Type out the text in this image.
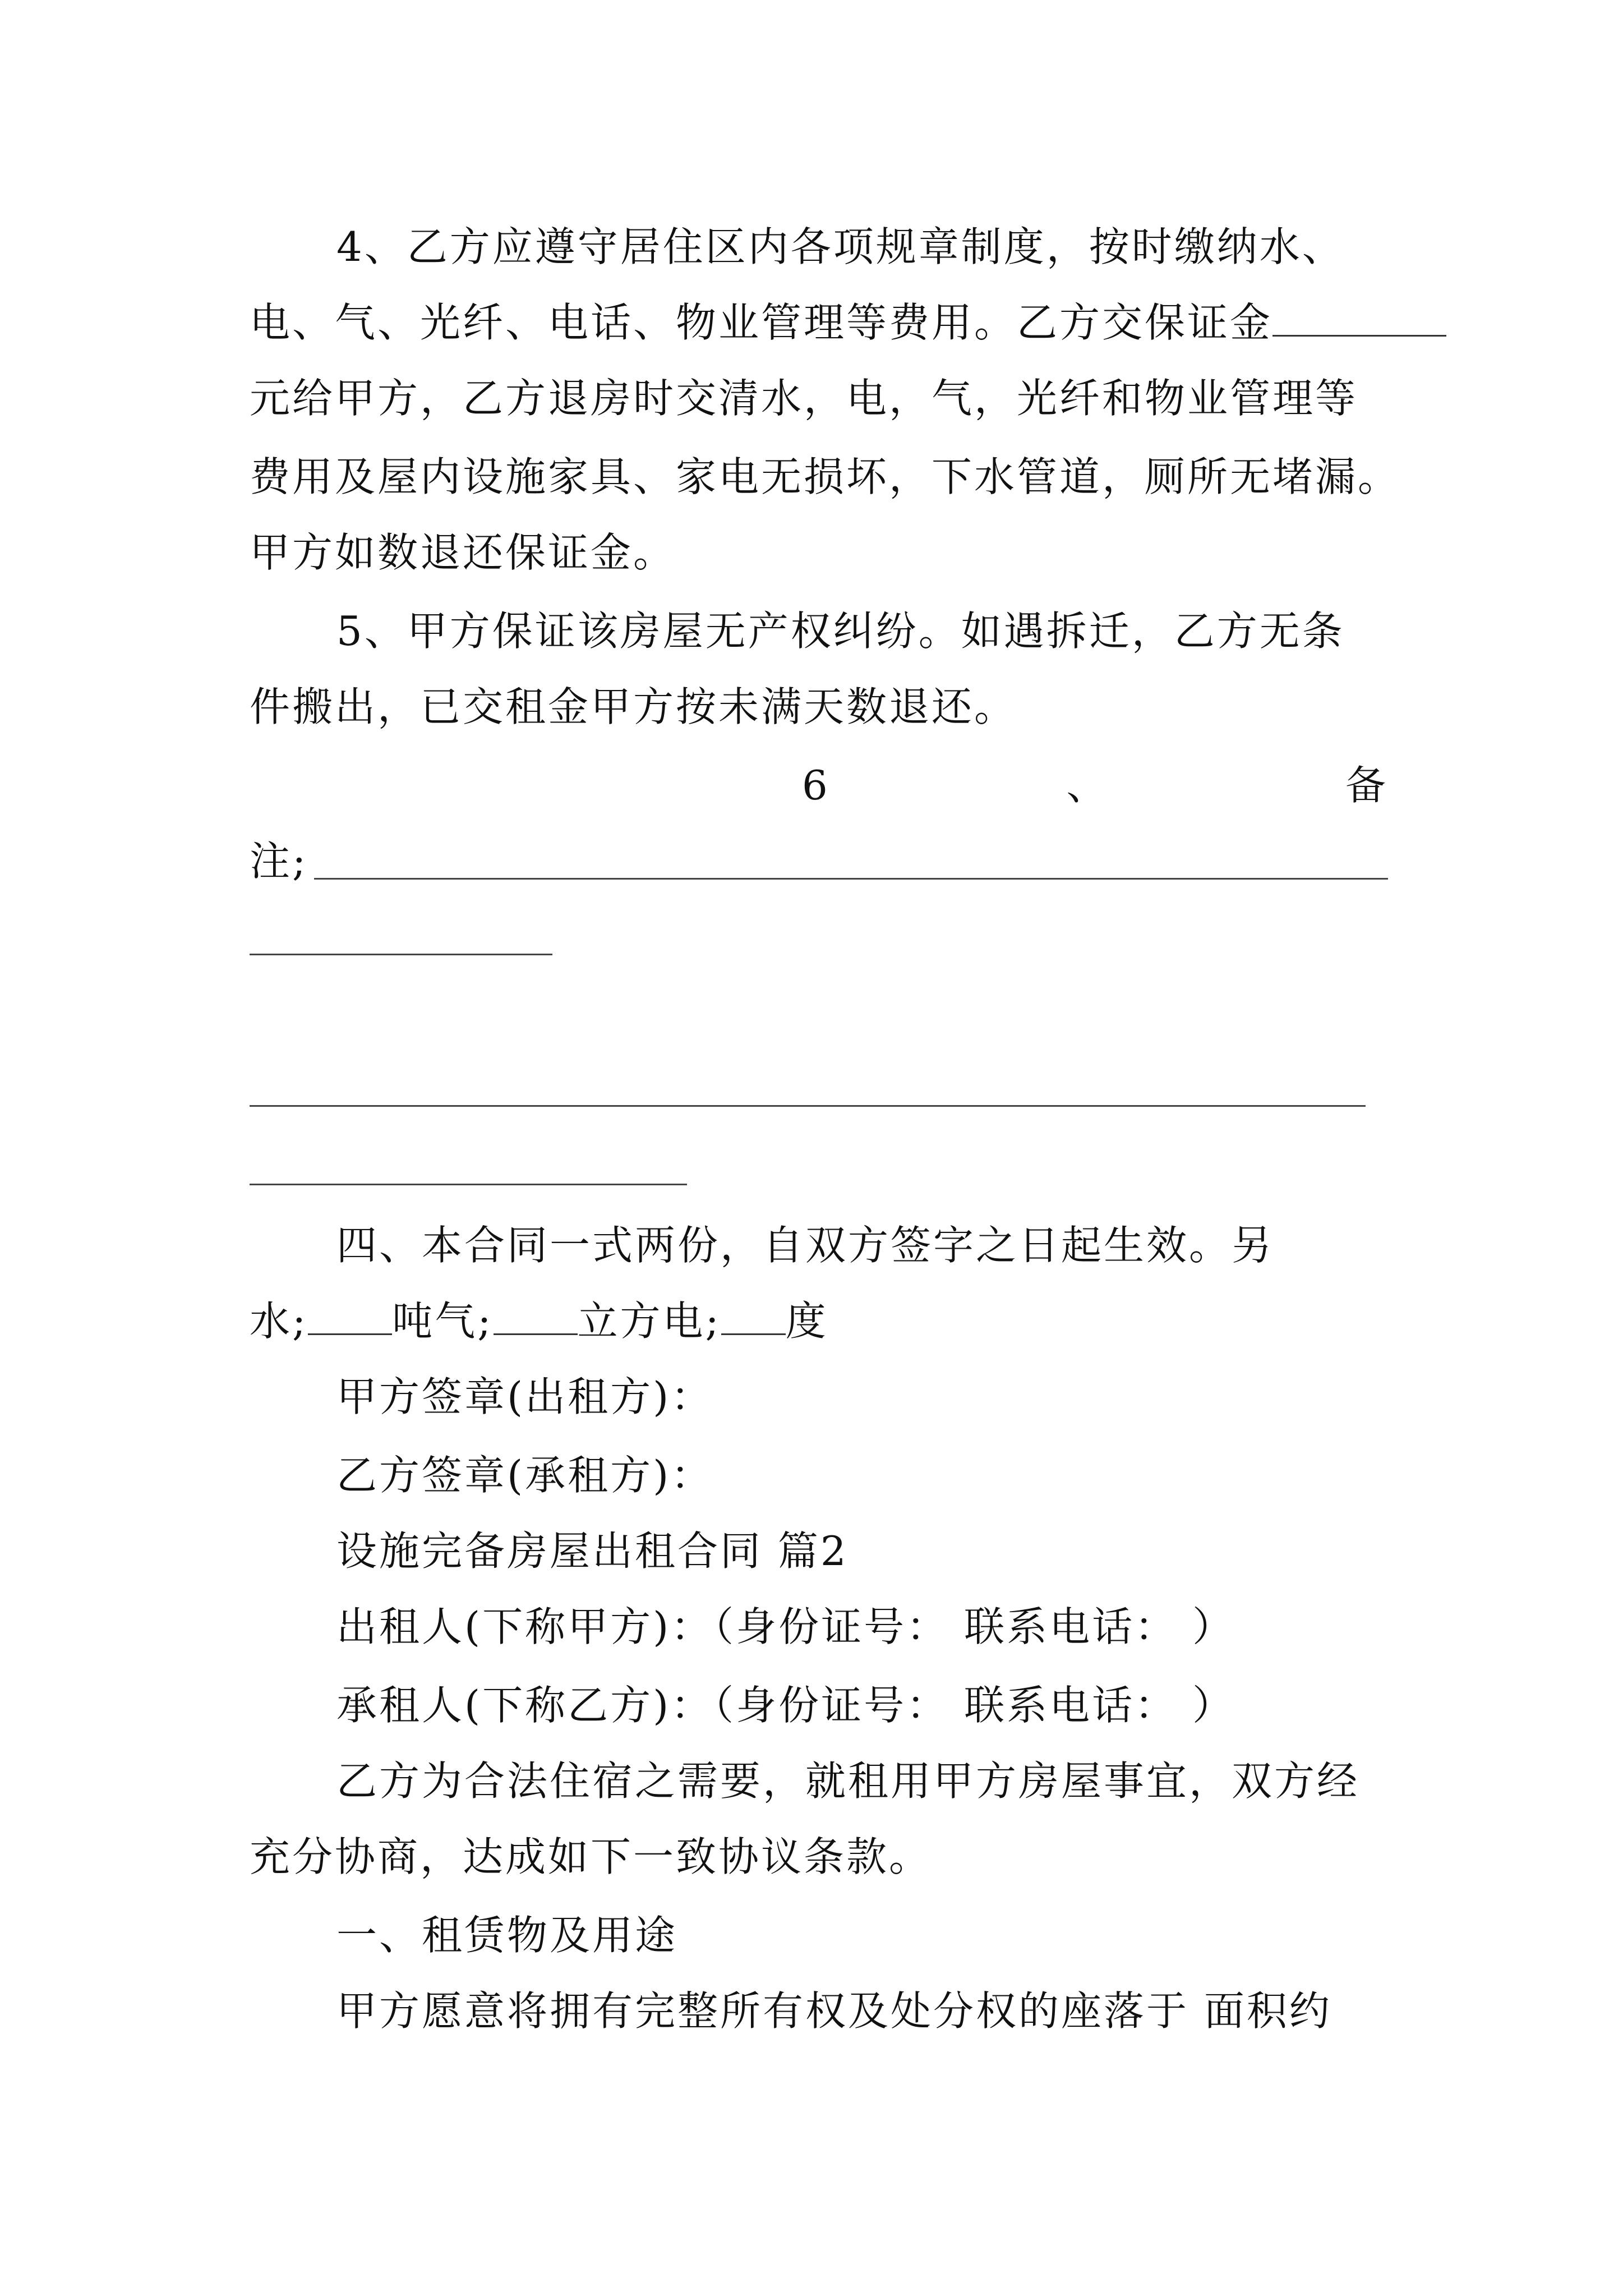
4、乙方应遵守居住区内各项规章制度，按时缴纳水、
电、气、光纤、电话、物业管理等费用。乙方交保证金
元给甲方，乙方退房时交清水，电，气，光纤和物业管理等
费用及屋内设施家具、家电无损坏，下水管道，厕所无堵漏。
甲方如数退还保证金。
5、甲方保证该房屋无产权纠纷。如遇拆迁，乙方无条
件搬出，已交租金甲方按未满天数退还。
6	、	备
注;
四、本合同一式两份，自双方签字之日起生效。另
水; 吨气; 立方电; 度
甲方签章(出租方)：
乙方签章(承租方)：
设施完备房屋出租合同 篇2
出租人(下称甲方)：（身份证号： 联系电话： ）
承租人(下称乙方)：（身份证号： 联系电话： ）
乙方为合法住宿之需要，就租用甲方房屋事宜，双方经
充分协商，达成如下一致协议条款。
一、租赁物及用途
甲方愿意将拥有完整所有权及处分权的座落于 面积约
